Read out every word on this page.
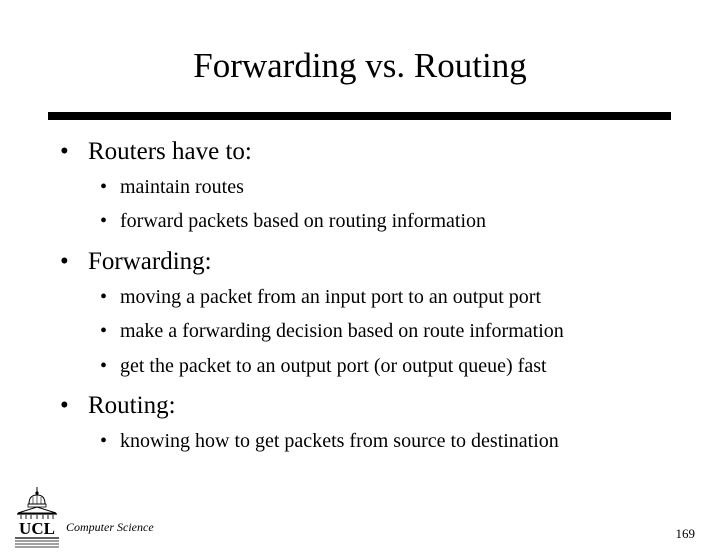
Forwarding vs. Routing
• Routers have to:
• maintain routes
• forward packets based on routing information
• Forwarding:
• moving a packet from an input port to an output port
• make a forwarding decision based on route information
• get the packet to an output port (or output queue) fast
• Routing:
• knowing how to get packets from source to destination
UCL Computer Science	169
